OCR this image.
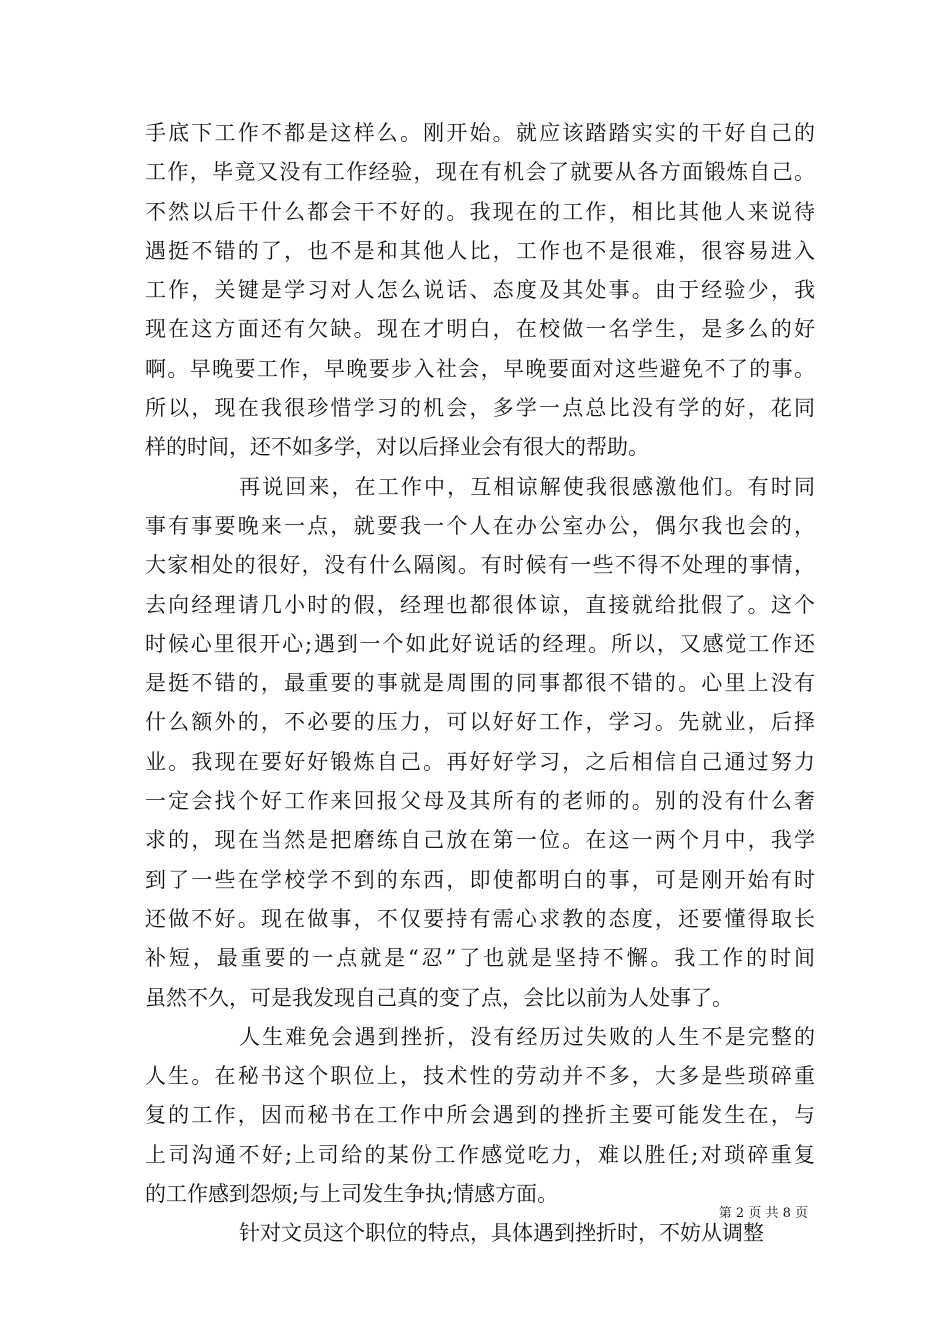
手底下工作不都是这样么。刚开始。就应该踏踏实实的干好自己的
工作，毕竟又没有工作经验，现在有机会了就要从各方面锻炼自己。
不然以后干什么都会干不好的。我现在的工作，相比其他人来说待
遇挺不错的了，也不是和其他人比，工作也不是很难，很容易进入
工作，关键是学习对人怎么说话、态度及其处事。由于经验少，我
现在这方面还有欠缺。现在才明白，在校做一名学生，是多么的好
啊。早晚要工作，早晚要步入社会，早晚要面对这些避免不了的事。
所以，现在我很珍惜学习的机会，多学一点总比没有学的好，花同
样的时间，还不如多学，对以后择业会有很大的帮助。
再说回来，在工作中，互相谅解使我很感激他们。有时同
事有事要晚来一点，就要我一个人在办公室办公，偶尔我也会的，
大家相处的很好，没有什么隔阂。有时候有一些不得不处理的事情，
去向经理请几小时的假，经理也都很体谅，直接就给批假了。这个
时候心里很开心;遇到一个如此好说话的经理。所以，又感觉工作还
是挺不错的，最重要的事就是周围的同事都很不错的。心里上没有
什么额外的，不必要的压力，可以好好工作，学习。先就业，后择
业。我现在要好好锻炼自己。再好好学习，之后相信自己通过努力
一定会找个好工作来回报父母及其所有的老师的。别的没有什么奢
求的，现在当然是把磨练自己放在第一位。在这一两个月中，我学
到了一些在学校学不到的东西，即使都明白的事，可是刚开始有时
还做不好。现在做事，不仅要持有需心求教的态度，还要懂得取长
补短，最重要的一点就是“忍”了也就是坚持不懈。我工作的时间
虽然不久，可是我发现自己真的变了点，会比以前为人处事了。
人生难免会遇到挫折，没有经历过失败的人生不是完整的
人生。在秘书这个职位上，技术性的劳动并不多，大多是些琐碎重
复的工作，因而秘书在工作中所会遇到的挫折主要可能发生在，与
上司沟通不好;上司给的某份工作感觉吃力，难以胜任;对琐碎重复
的工作感到怨烦;与上司发生争执;情感方面。
针对文员这个职位的特点，具体遇到挫折时，不妨从调整
第 2 页 共 8 页
